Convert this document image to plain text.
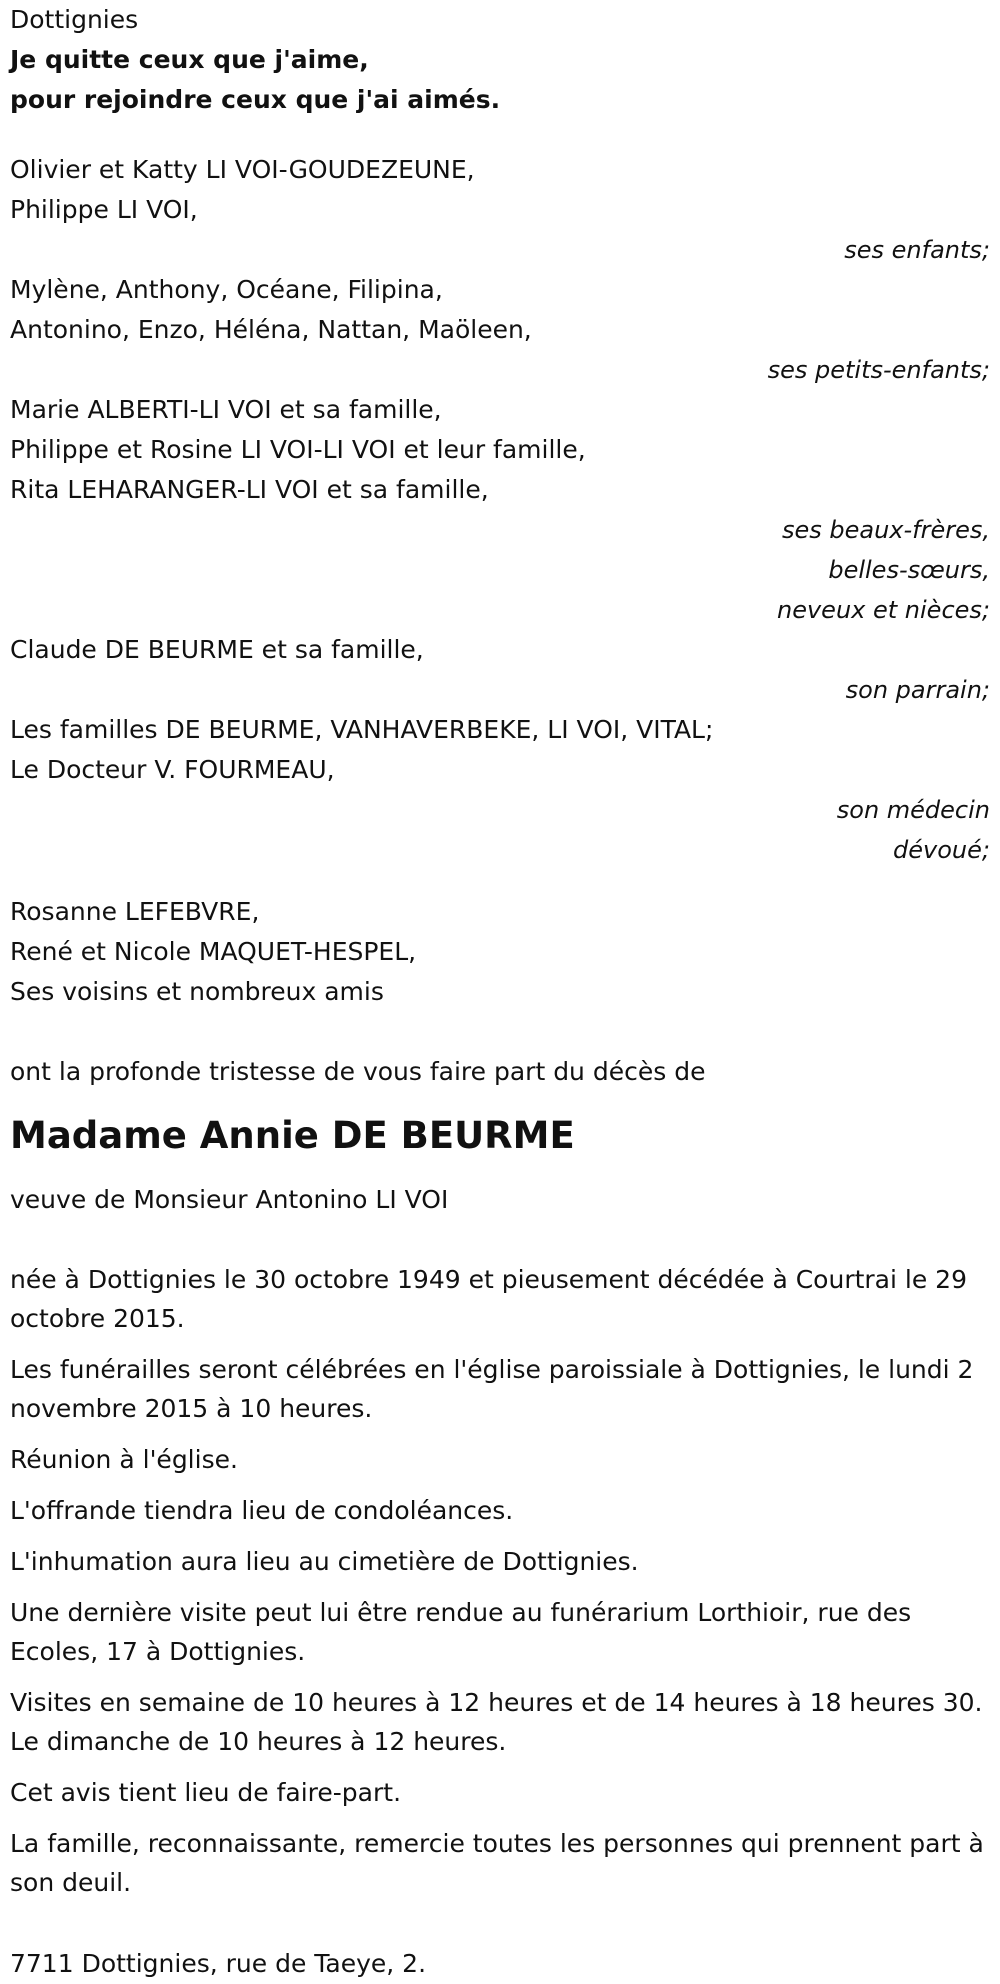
Dottignies
Je quitte ceux que j'aime,
pour rejoindre ceux que j'ai aimés.
Olivier et Katty LI VOI-GOUDEZEUNE,
Philippe LI VOI,
ses enfants;
Mylène, Anthony, Océane, Filipina,
Antonino, Enzo, Héléna, Nattan, Maöleen,
ses petits-enfants;
Marie ALBERTI-LI VOI et sa famille,
Philippe et Rosine LI VOI-LI VOI et leur famille,
Rita LEHARANGER-LI VOI et sa famille,
ses beaux-frères,
belles-sœurs,
neveux et nièces;
Claude DE BEURME et sa famille,
son parrain;
Les familles DE BEURME, VANHAVERBEKE, LI VOI, VITAL;
Le Docteur V. FOURMEAU,
son médecin
dévoué;
Rosanne LEFEBVRE,
René et Nicole MAQUET-HESPEL,
Ses voisins et nombreux amis
ont la profonde tristesse de vous faire part du décès de
Madame Annie DE BEURME
veuve de Monsieur Antonino LI VOI
née à Dottignies le 30 octobre 1949 et pieusement décédée à Courtrai le 29 octobre 2015.
Les funérailles seront célébrées en l'église paroissiale à Dottignies, le lundi 2 novembre 2015 à 10 heures.
Réunion à l'église.
L'offrande tiendra lieu de condoléances.
L'inhumation aura lieu au cimetière de Dottignies.
Une dernière visite peut lui être rendue au funérarium Lorthioir, rue des Ecoles, 17 à Dottignies.
Visites en semaine de 10 heures à 12 heures et de 14 heures à 18 heures 30. Le dimanche de 10 heures à 12 heures.
Cet avis tient lieu de faire-part.
La famille, reconnaissante, remercie toutes les personnes qui prennent part à son deuil.
7711 Dottignies, rue de Taeye, 2.
